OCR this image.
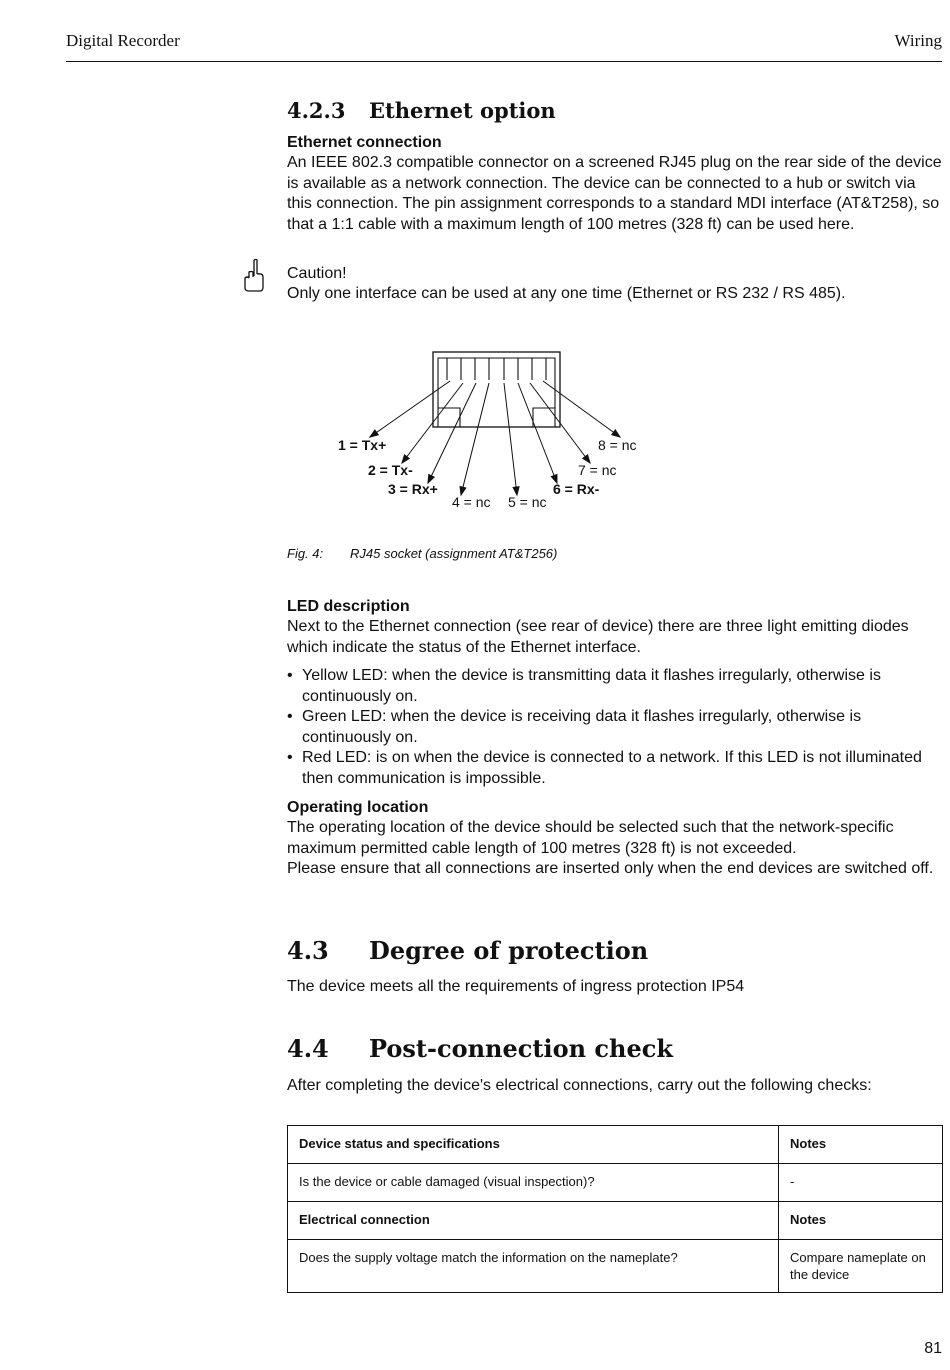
Digital Recorder	Wiring
4.2.3 Ethernet option

Ethernet connection

An IEEE 802.3 compatible connector on a screened RJ45 plug on the rear side of the device is available as a network connection. The device can be connected to a hub or switch via this connection. The pin assignment corresponds to a standard MDI interface (AT&T258), so that a 1:1 cable with a maximum length of 100 metres (328 ft) can be used here.

Caution!

Only one interface can be used at any one time (Ethernet or RS 232 / RS 485).

1 = Tx+
2 = Tx-
3 = Rx+
4 = nc 5 = nc
6 = Rx-
7 = nc
8 = nc
Fig. 4: RJ45 socket (assignment AT&T256)

LED description

Next to the Ethernet connection (see rear of device) there are three light emitting diodes which indicate the status of the Ethernet interface.

• Yellow LED: when the device is transmitting data it flashes irregularly, otherwise is continuously on.
• Green LED: when the device is receiving data it flashes irregularly, otherwise is continuously on.
• Red LED: is on when the device is connected to a network. If this LED is not illuminated then communication is impossible.

Operating location

The operating location of the device should be selected such that the network-specific maximum permitted cable length of 100 metres (328 ft) is not exceeded.

Please ensure that all connections are inserted only when the end devices are switched off.

4.3 Degree of protection

The device meets all the requirements of ingress protection IP54

4.4 Post-connection check

After completing the device's electrical connections, carry out the following checks:

Device status and specifications	Notes
Is the device or cable damaged (visual inspection)?	-
Electrical connection	Notes
Does the supply voltage match the information on the nameplate?	Compare nameplate on the device
81
